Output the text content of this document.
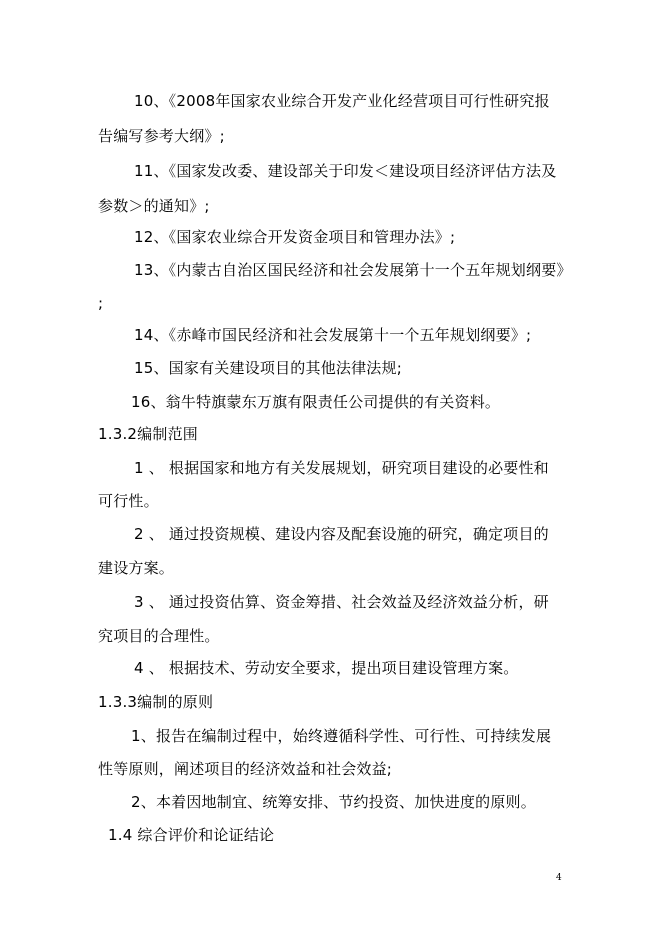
10、《2008年国家农业综合开发产业化经营项目可行性研究报
告编写参考大纲》;
11、《国家发改委、建设部关于印发＜建设项目经济评估方法及
参数＞的通知》;
12、《国家农业综合开发资金项目和管理办法》;
13、《内蒙古自治区国民经济和社会发展第十一个五年规划纲要》
;
14、《赤峰市国民经济和社会发展第十一个五年规划纲要》;
15、国家有关建设项目的其他法律法规;
16、翁牛特旗蒙东万旗有限责任公司提供的有关资料。
1.3.2编制范围
1 、 根据国家和地方有关发展规划，研究项目建设的必要性和
可行性。
2 、 通过投资规模、建设内容及配套设施的研究，确定项目的
建设方案。
3 、 通过投资估算、资金筹措、社会效益及经济效益分析，研
究项目的合理性。
4 、 根据技术、劳动安全要求，提出项目建设管理方案。
1.3.3编制的原则
1、报告在编制过程中，始终遵循科学性、可行性、可持续发展
性等原则，阐述项目的经济效益和社会效益;
2、本着因地制宜、统筹安排、节约投资、加快进度的原则。
1.4 综合评价和论证结论
4
